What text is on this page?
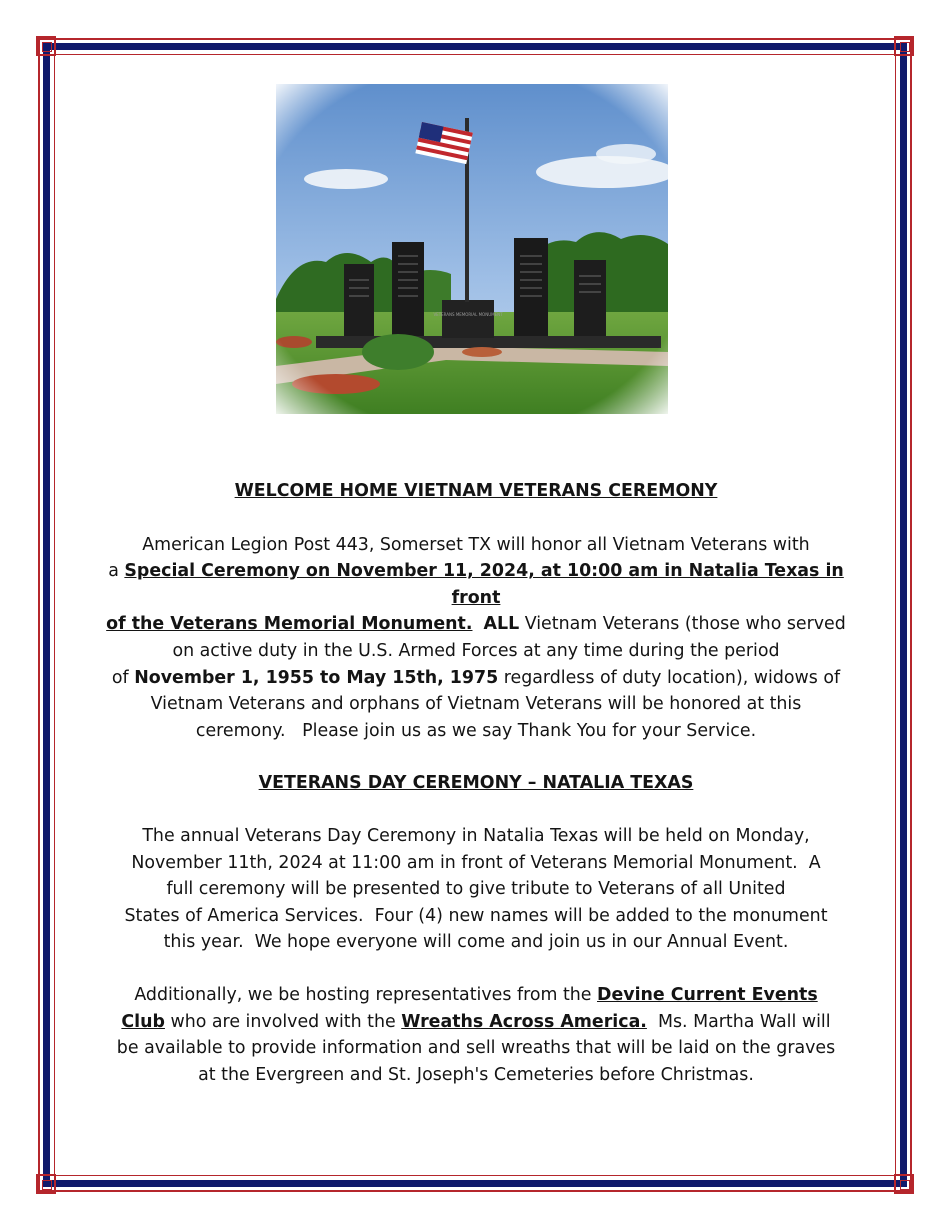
WELCOME HOME VIETNAM VETERANS CEREMONY

American Legion Post 443, Somerset TX will honor all Vietnam Veterans with
a Special Ceremony on November 11, 2024, at 10:00 am in Natalia Texas in front
of the Veterans Memorial Monument. ALL Vietnam Veterans (those who served
on active duty in the U.S. Armed Forces at any time during the period
of November 1, 1955 to May 15th, 1975 regardless of duty location), widows of
Vietnam Veterans and orphans of Vietnam Veterans will be honored at this
ceremony.   Please join us as we say Thank You for your Service.

VETERANS DAY CEREMONY – NATALIA TEXAS

The annual Veterans Day Ceremony in Natalia Texas will be held on Monday,
November 11th, 2024 at 11:00 am in front of Veterans Memorial Monument.  A
full ceremony will be presented to give tribute to Veterans of all United
States of America Services.  Four (4) new names will be added to the monument
this year.  We hope everyone will come and join us in our Annual Event.

Additionally, we be hosting representatives from the Devine Current Events
Club who are involved with the Wreaths Across America.  Ms. Martha Wall will
be available to provide information and sell wreaths that will be laid on the graves
at the Evergreen and St. Joseph's Cemeteries before Christmas.
